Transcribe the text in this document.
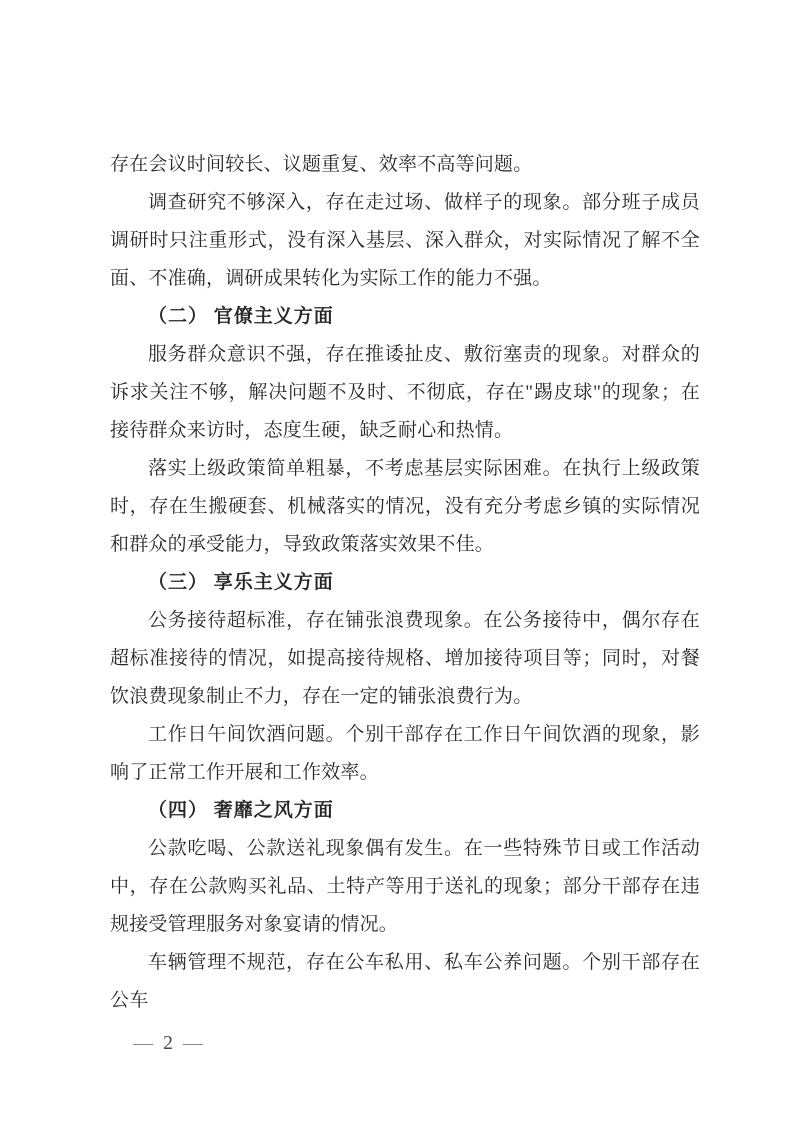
存在会议时间较长、议题重复、效率不高等问题。

调查研究不够深入，存在走过场、做样子的现象。部分班子成员调研时只注重形式，没有深入基层、深入群众，对实际情况了解不全面、不准确，调研成果转化为实际工作的能力不强。

（二） 官僚主义方面

服务群众意识不强，存在推诿扯皮、敷衍塞责的现象。对群众的诉求关注不够，解决问题不及时、不彻底，存在"踢皮球"的现象；在接待群众来访时，态度生硬，缺乏耐心和热情。

落实上级政策简单粗暴，不考虑基层实际困难。在执行上级政策时，存在生搬硬套、机械落实的情况，没有充分考虑乡镇的实际情况和群众的承受能力，导致政策落实效果不佳。

（三） 享乐主义方面

公务接待超标准，存在铺张浪费现象。在公务接待中，偶尔存在超标准接待的情况，如提高接待规格、增加接待项目等；同时，对餐饮浪费现象制止不力，存在一定的铺张浪费行为。

工作日午间饮酒问题。个别干部存在工作日午间饮酒的现象，影响了正常工作开展和工作效率。

（四） 奢靡之风方面

公款吃喝、公款送礼现象偶有发生。在一些特殊节日或工作活动中，存在公款购买礼品、土特产等用于送礼的现象；部分干部存在违规接受管理服务对象宴请的情况。

车辆管理不规范，存在公车私用、私车公养问题。个别干部存在公车

— 2 —
